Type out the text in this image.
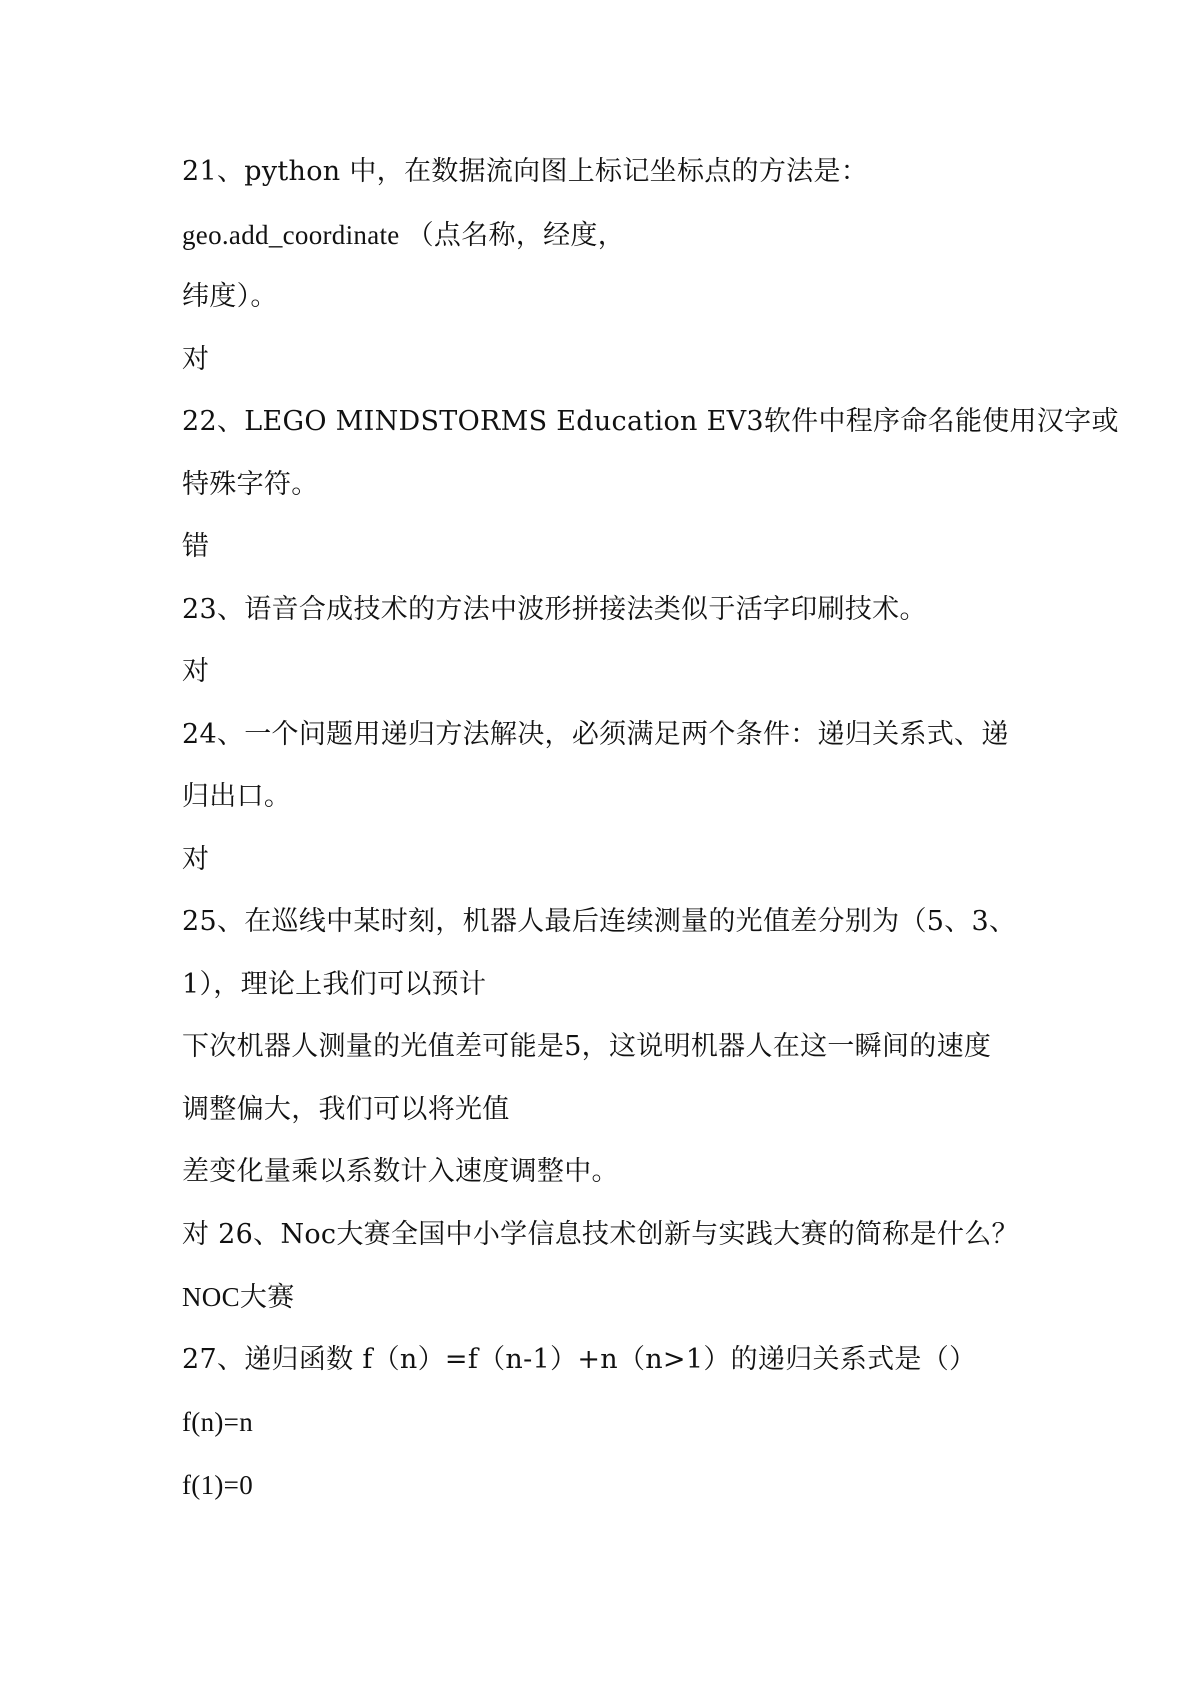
21、python 中，在数据流向图上标记坐标点的方法是：
geo.add_coordinate （点名称，经度，
纬度）。
对
22、LEGO MINDSTORMS Education EV3软件中程序命名能使用汉字或
特殊字符。
错
23、语音合成技术的方法中波形拼接法类似于活字印刷技术。
对
24、一个问题用递归方法解决，必须满足两个条件：递归关系式、递
归出口。
对
25、在巡线中某时刻，机器人最后连续测量的光值差分别为（5、3、
1），理论上我们可以预计
下次机器人测量的光值差可能是5，这说明机器人在这一瞬间的速度
调整偏大，我们可以将光值
差变化量乘以系数计入速度调整中。
对 26、Noc大赛全国中小学信息技术创新与实践大赛的简称是什么？
NOC大赛
27、递归函数 f（n）=f（n-1）+n（n>1）的递归关系式是（）
f(n)=n
f(1)=0
